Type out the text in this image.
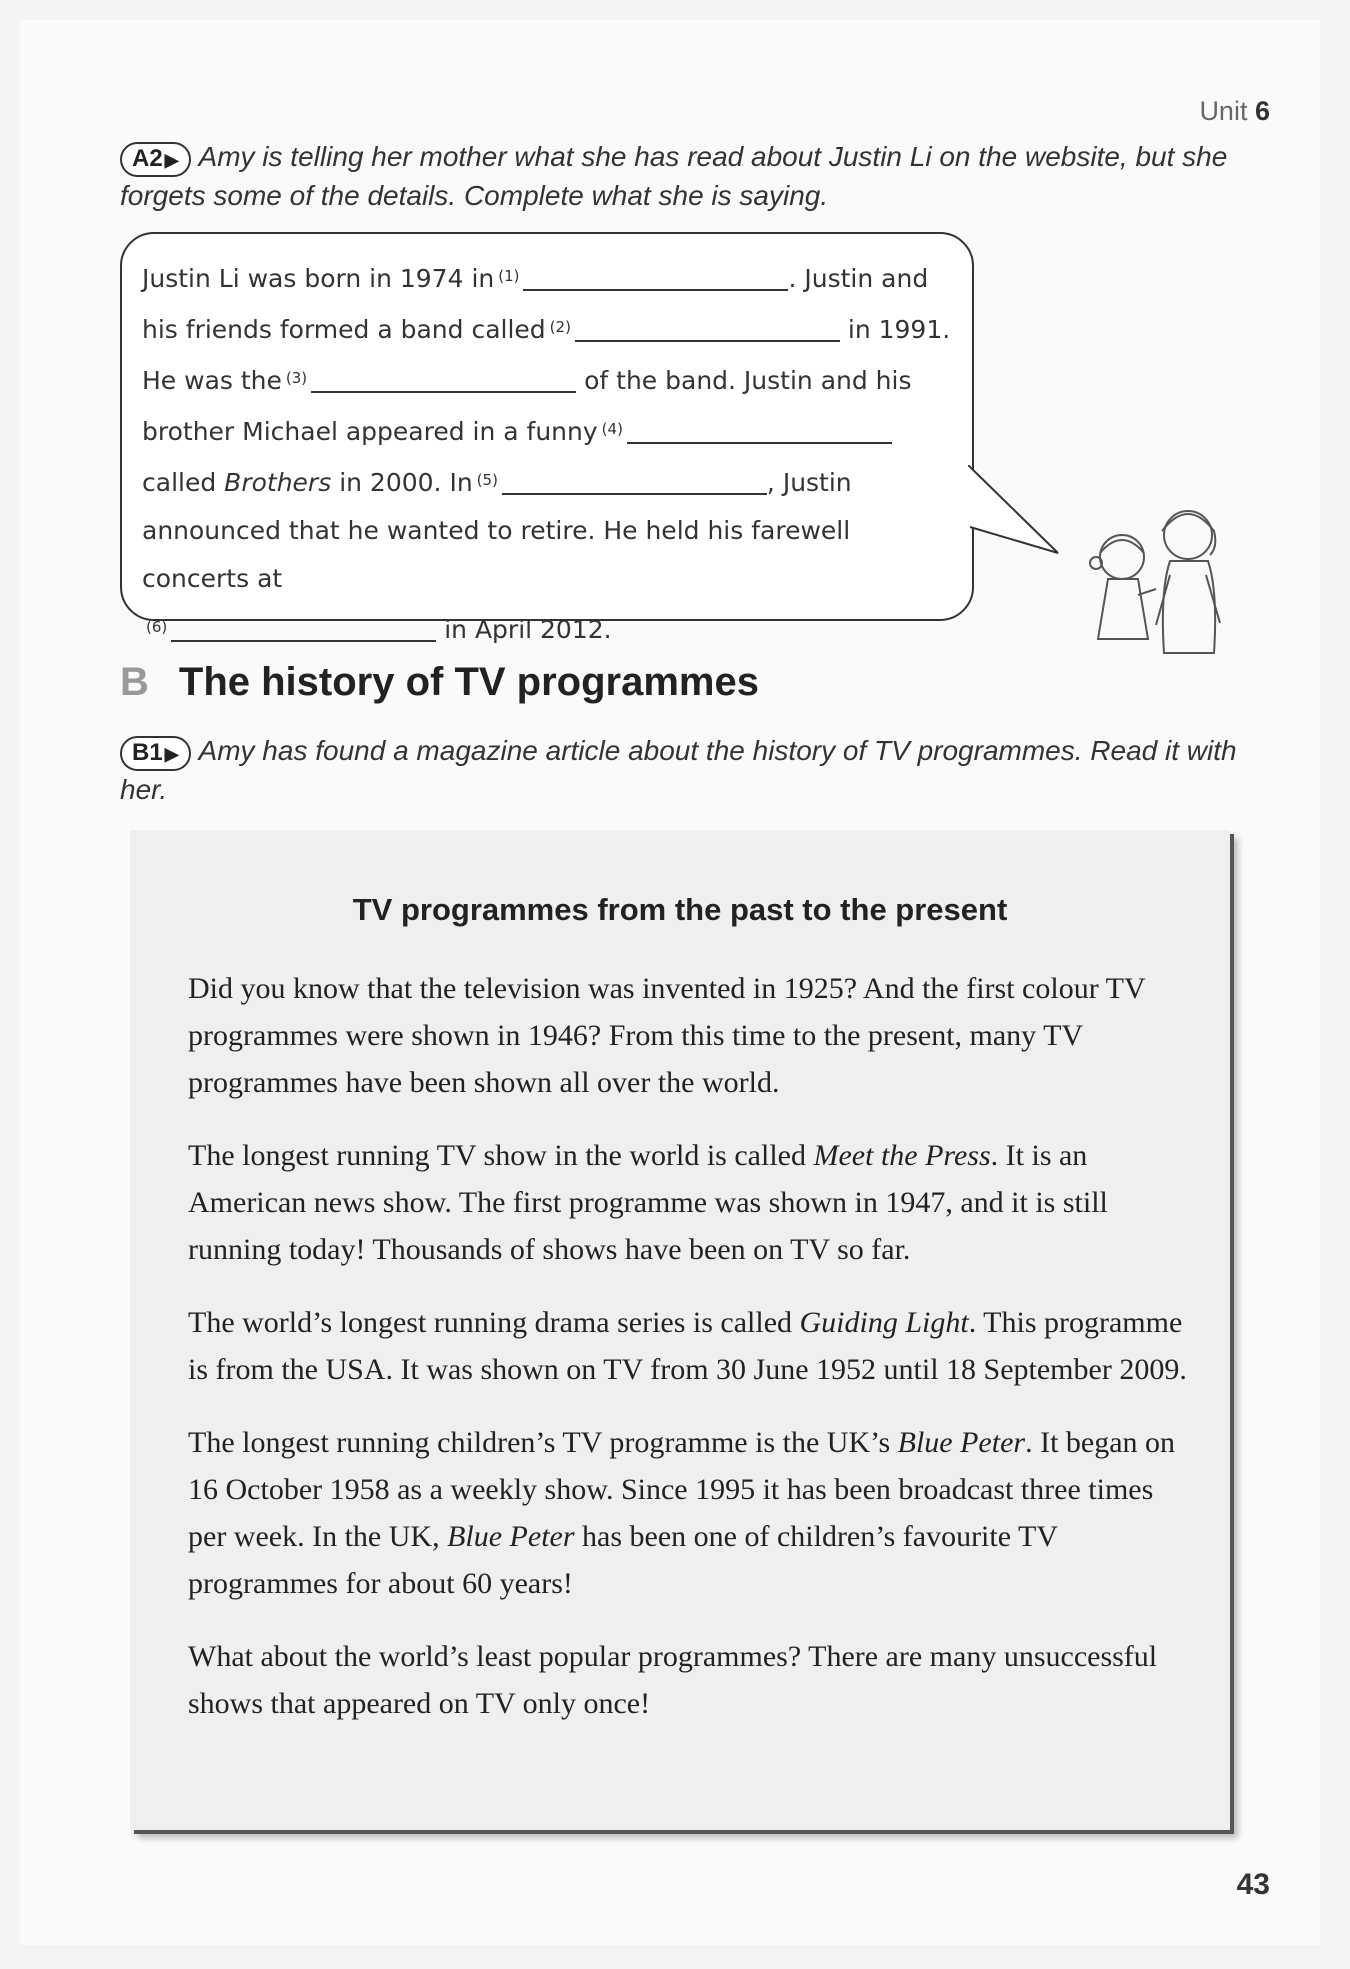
Unit 6
A2 ▶ Amy is telling her mother what she has read about Justin Li on the website, but she forgets some of the details. Complete what she is saying.
Justin Li was born in 1974 in $^{(1)}$	. Justin and his friends formed a band called $^{(2)}$	in 1991. He was the $^{(3)}$	of the band. Justin and his brother Michael appeared in a funny $^{(4)}$ called Brothers in 2000. In $^{(5)}$	, Justin announced that he wanted to retire. He held his farewell concerts at
$^{(6)}$	in April 2012.
B The history of TV programmes
B1 ▶ Amy has found a magazine article about the history of TV programmes. Read it with her.
TV programmes from the past to the present

Did you know that the television was invented in 1925? And the first colour TV programmes were shown in 1946? From this time to the present, many TV programmes have been shown all over the world.

The longest running TV show in the world is called Meet the Press. It is an American news show. The first programme was shown in 1947, and it is still running today! Thousands of shows have been on TV so far.

The world’s longest running drama series is called Guiding Light. This programme is from the USA. It was shown on TV from 30 June 1952 until 18 September 2009.

The longest running children’s TV programme is the UK’s Blue Peter. It began on 16 October 1958 as a weekly show. Since 1995 it has been broadcast three times per week. In the UK, Blue Peter has been one of children’s favourite TV programmes for about 60 years!

What about the world’s least popular programmes? There are many unsuccessful shows that appeared on TV only once!

43
